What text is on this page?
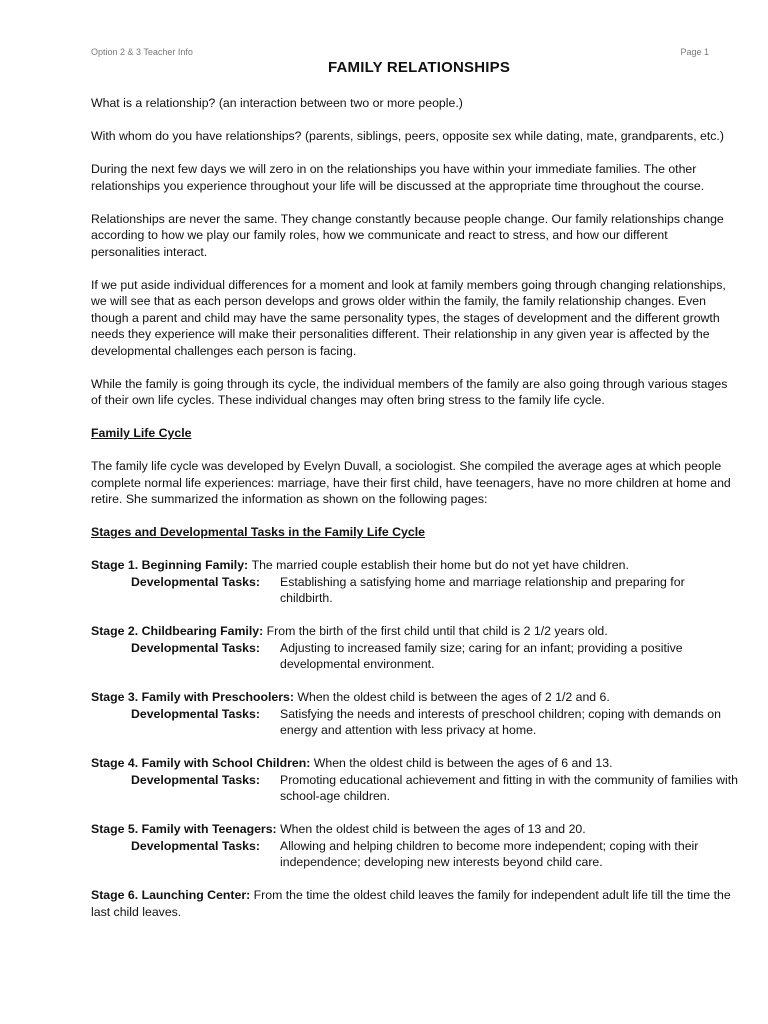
Option 2 & 3 Teacher Info	Page 1
FAMILY RELATIONSHIPS

What is a relationship? (an interaction between two or more people.)

With whom do you have relationships? (parents, siblings, peers, opposite sex while dating, mate, grandparents, etc.)

During the next few days we will zero in on the relationships you have within your immediate families. The other relationships you experience throughout your life will be discussed at the appropriate time throughout the course.

Relationships are never the same. They change constantly because people change. Our family relationships change according to how we play our family roles, how we communicate and react to stress, and how our different personalities interact.

If we put aside individual differences for a moment and look at family members going through changing relationships, we will see that as each person develops and grows older within the family, the family relationship changes. Even though a parent and child may have the same personality types, the stages of development and the different growth needs they experience will make their personalities different. Their relationship in any given year is affected by the developmental challenges each person is facing.

While the family is going through its cycle, the individual members of the family are also going through various stages of their own life cycles. These individual changes may often bring stress to the family life cycle.

Family Life Cycle

The family life cycle was developed by Evelyn Duvall, a sociologist. She compiled the average ages at which people complete normal life experiences: marriage, have their first child, have teenagers, have no more children at home and retire. She summarized the information as shown on the following pages:

Stages and Developmental Tasks in the Family Life Cycle
Stage 1. Beginning Family: The married couple establish their home but do not yet have children.
Developmental Tasks:	Establishing a satisfying home and marriage relationship and preparing for childbirth.
Stage 2. Childbearing Family: From the birth of the first child until that child is 2 1/2 years old.
Developmental Tasks:	Adjusting to increased family size; caring for an infant; providing a positive developmental environment.
Stage 3. Family with Preschoolers: When the oldest child is between the ages of 2 1/2 and 6.
Developmental Tasks:	Satisfying the needs and interests of preschool children; coping with demands on energy and attention with less privacy at home.
Stage 4. Family with School Children: When the oldest child is between the ages of 6 and 13.
Developmental Tasks:	Promoting educational achievement and fitting in with the community of families with school-age children.
Stage 5. Family with Teenagers: When the oldest child is between the ages of 13 and 20.
Developmental Tasks:	Allowing and helping children to become more independent; coping with their independence; developing new interests beyond child care.
Stage 6. Launching Center: From the time the oldest child leaves the family for independent adult life till the time the last child leaves.
